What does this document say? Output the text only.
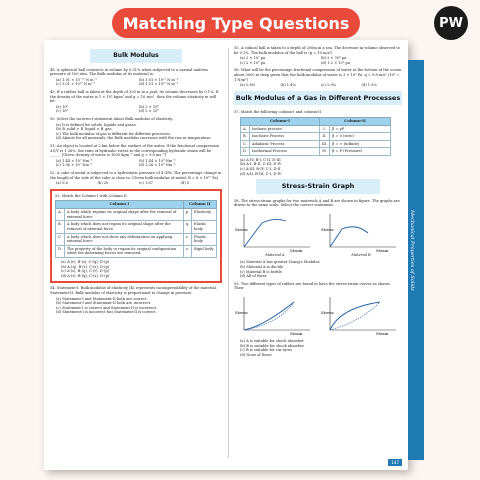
Matching Type Questions	PW
Bulk Modulus
48. A spherical ball contracts in volume by 0.01% when subjected to a normal uniform pressure of 100 atm. The Bulk modulus of its material is:
(a) 1.01 × 10⁻¹¹ N m⁻²	(b) 1.01 × 10¹¹ N m⁻²
(c) 1.01 × 10¹² N m⁻²	(d) 1.01 × 10¹⁰ N m⁻²
49. If a rubber ball is taken at the depth of 200 m in a pool, its volume decreases by 0.1%. If the density of the water is 1 × 10³ kg/m³ and g = 10 m/s², then the volume elasticity in will be:
(a) 10⁸	(b) 2 × 10⁸
(c) 10⁹	(d) 2 × 10⁹
50. Select the incorrect statement about Bulk modulus of elasticity.
(a) It is defined for solids, liquids and gases.
(b) B_solid > B_liquid > B_gas
(c) The bulk modulus of gas is different for different processes.
(d) Almost for all materials, the Bulk modulus increases with the rise in temperature.
51. An object is located at 2 km below the surface of the water. If the fractional compression ΔV/V is 1.36%, the ratio of hydraulic stress to the corresponding hydraulic strain will be ______ [Given: density of water is 1000 kgm⁻³ and g = 9.8 ms⁻²]
(a) 1.44 × 10⁷ Nm⁻²	(b) 1.44 × 10⁹ Nm⁻²
(c) 1.96 × 10⁷ Nm⁻²	(d) 2.26 × 10⁹ Nm⁻²
52. A cube of metal is subjected to a hydrostatic pressure of 4 GPa. The percentage change in the length of the side of the cube is close to: (Given bulk modulus of metal, B = 8 × 10¹⁰ Pa)
(a) 0.6	(b) 20	(c) 1.67	(d) 5
53. Match the Column I with Column II
Column I		Column II	
A.	A body which regains its original shape after the removal of external force	p.	Elasticity
B.	A body which does not regain its original shape after the removal of external force.	q.	Elastic body
C.	A body which does not show any deformation on applying external force.	r.	Plastic body
D.	The property of the body to regain its original configuration when the deforming forces are removed.	s.	Rigid body
(a) A-(r), B-(s), C-(q), D-(p)
(b) A-(q), B-(r), C-(s), D-(p)
(c) A-(s), B-(q), C-(r), D-(p)
(d) A-(r), B-(q), C-(s), D-(p)
54. Statement-I: Bulk modulus of elasticity (K) represents incompressibility of the material. Statement-II: Bulk modulus of elasticity is proportional to change in pressure.
(a) Statement-I and Statement-II both are correct.
(b) Statement-I and Statement-II both are incorrect.
(c) Statement-I is correct and Statement-II is incorrect.
(d) Statement-I is incorrect but Statement-II is correct.
55. A cubical ball is taken to a depth of 200m in a sea. The decrease in volume observed to be 0.1%. The bulk modulus of the ball is (g = 10 m/s²)
(a) 2 × 10⁷ pa	(b) 2 × 10⁶ pa
(c) 2 × 10⁹ pa	(d) 1.2 × 10⁸ pa
56. What will be the percentage fractional compression of water at the bottom of the ocean about 5000 m deep given that the bulk modulus of water is 3 × 10⁹ Pa. g = 9.8 m/s² (10⁶ = 1 N/m²)
(a) 0.8%	(b) 1.4%	(c) 2.9%	(d) 1.5%
Bulk Modulus of a Gas in Different Processes
57. Match the following column-I and column-II
Column-I		Column-II	
A.	Isobaric process	I.	β = γP
B.	Isochoric Process	II.	β = 0 (zero)
C.	Adiabatic Process	III.	β = ∞ (infinite)
D.	Isothermal Process	IV.	β = P (Pressure)
(a) A-IV, B-I, C-II, D-III
(b) A-I, B-II, C-III, D-IV
(c) A-III, B-IV, C-I, D-II
(d) A-II, B-III, C-I, D-IV
Stress-Strain Graph
58. The stress-strain graphs for two materials A and B are shown in figure. The graphs are drawn to the same scale. Select the correct statement.
Stress
Strain
Material A
Stress
Strain
Material B
(a) Material A has greater Young's Modulus
(b) Material A is ductile
(c) Material B is brittle
(d) All of these
59. Two different types of rubber are found to have the stress-strain curves as shown. Then-
Stress
Strain
Stress
Strain
(a) A is suitable for shock absorber
(b) B is suitable for shock absorber
(c) B is suitable for car tyres
(d) None of these
147
Mechanical Properties of Solids
